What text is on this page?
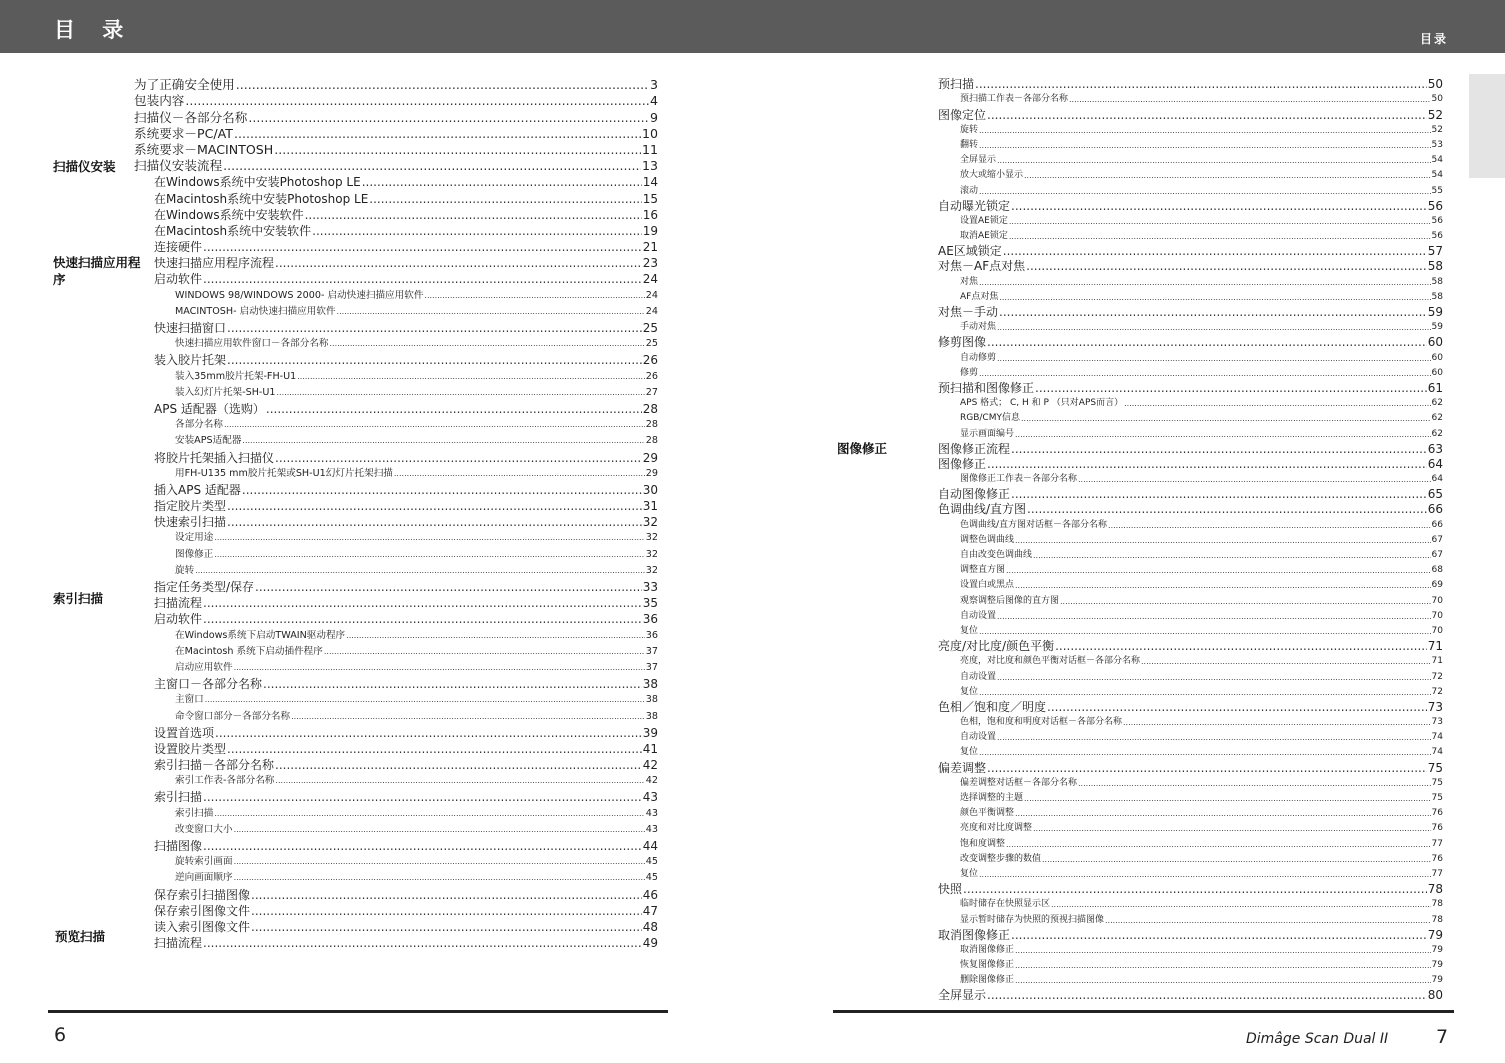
目 录	目录
扫描仪安装
快速扫描应用程序
索引扫描
预览扫描
图像修正
为了正确安全使用 .....	3
包装内容 .....	4
扫描仪－各部分名称 .....	9
系统要求－PC/AT .....	10
系统要求－MACINTOSH .....	11
扫描仪安装流程 .....	13
在Windows系统中安装Photoshop LE .....	14
在Macintosh系统中安装Photoshop LE .....	15
在Windows系统中安装软件 .....	16
在Macintosh系统中安装软件 .....	19
连接硬件 .....	21
快速扫描应用程序流程 .....	23
启动软件 .....	24
WINDOWS 98/WINDOWS 2000- 启动快速扫描应用软件 .....	24
MACINTOSH- 启动快速扫描应用软件 .....	24
快速扫描窗口 .....	25
快速扫描应用软件窗口－各部分名称 .....	25
装入胶片托架 .....	26
装入35mm胶片托架-FH-U1 .....	26
装入幻灯片托架-SH-U1 .....	27
APS 适配器（选购） .....	28
各部分名称 .....	28
安装APS适配器 .....	28
将胶片托架插入扫描仪 .....	29
用FH-U135 mm胶片托架或SH-U1幻灯片托架扫描 .....	29
插入APS 适配器 .....	30
指定胶片类型 .....	31
快速索引扫描 .....	32
设定用途 .....	32
图像修正 .....	32
旋转 .....	32
指定任务类型/保存 .....	33
扫描流程 .....	35
启动软件 .....	36
在Windows系统下启动TWAIN驱动程序 .....	36
在Macintosh 系统下启动插件程序 .....	37
启动应用软件 .....	37
主窗口－各部分名称 .....	38
主窗口 .....	38
命令窗口部分－各部分名称 .....	38
设置首选项 .....	39
设置胶片类型 .....	41
索引扫描－各部分名称 .....	42
索引工作表-各部分名称 .....	42
索引扫描 .....	43
索引扫描 .....	43
改变窗口大小 .....	43
扫描图像 .....	44
旋转索引画面 .....	45
逆向画面顺序 .....	45
保存索引扫描图像 .....	46
保存索引图像文件 .....	47
读入索引图像文件 .....	48
扫描流程 .....	49
预扫描 .....	50
预扫描工作表－各部分名称 .....	50
图像定位 .....	52
旋转 .....	52
翻转 .....	53
全屏显示 .....	54
放大或缩小显示 .....	54
滚动 .....	55
自动曝光锁定 .....	56
设置AE锁定 .....	56
取消AE锁定 .....	56
AE区域锁定 .....	57
对焦－AF点对焦 .....	58
对焦 .....	58
AF点对焦 .....	58
对焦－手动 .....	59
手动对焦 .....	59
修剪图像 .....	60
自动修剪 .....	60
修剪 .....	60
预扫描和图像修正 .....	61
APS 格式； C, H 和 P （只对APS而言） .....	62
RGB/CMY信息 .....	62
显示画面编号 .....	62
图像修正流程 .....	63
图像修正 .....	64
图像修正工作表－各部分名称 .....	64
自动图像修正 .....	65
色调曲线/直方图 .....	66
色调曲线/直方图对话框－各部分名称 .....	66
调整色调曲线 .....	67
自由改变色调曲线 .....	67
调整直方图 .....	68
设置白或黑点 .....	69
观察调整后图像的直方图 .....	70
自动设置 .....	70
复位 .....	70
亮度/对比度/颜色平衡 .....	71
亮度，对比度和颜色平衡对话框－各部分名称 .....	71
自动设置 .....	72
复位 .....	72
色相／饱和度／明度 .....	73
色相，饱和度和明度对话框－各部分名称 .....	73
自动设置 .....	74
复位 .....	74
偏差调整 .....	75
偏差调整对话框－各部分名称 .....	75
选择调整的主题 .....	75
颜色平衡调整 .....	76
亮度和对比度调整 .....	76
饱和度调整 .....	77
改变调整步骤的数值 .....	76
复位 .....	77
快照 .....	78
临时储存在快照显示区 .....	78
显示暂时储存为快照的预视扫描图像 .....	78
取消图像修正 .....	79
取消图像修正 .....	79
恢复图像修正 .....	79
删除图像修正 .....	79
全屏显示 .....	80
6	7
Dimâge Scan Dual II
